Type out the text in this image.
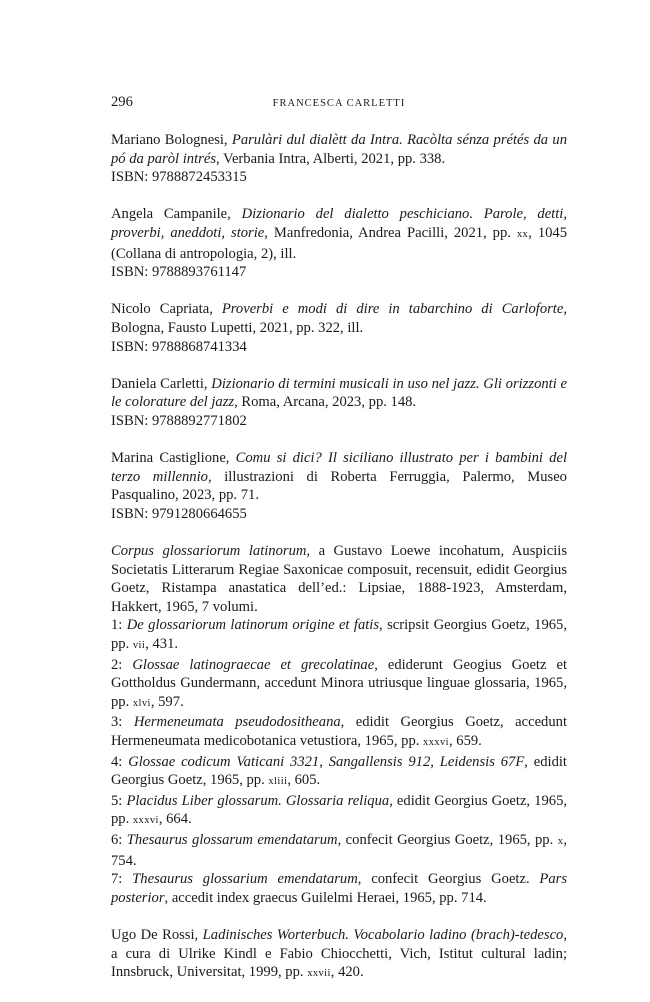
296	FRANCESCA CARLETTI
Mariano Bolognesi, Parulàri dul dialètt da Intra. Racòlta sénza prétés da un pó da paròl intrés, Verbania Intra, Alberti, 2021, pp. 338.
ISBN: 9788872453315
Angela Campanile, Dizionario del dialetto peschiciano. Parole, detti, proverbi, aneddoti, storie, Manfredonia, Andrea Pacilli, 2021, pp. xx, 1045 (Collana di antropologia, 2), ill.
ISBN: 9788893761147
Nicolo Capriata, Proverbi e modi di dire in tabarchino di Carloforte, Bologna, Fausto Lupetti, 2021, pp. 322, ill.
ISBN: 9788868741334
Daniela Carletti, Dizionario di termini musicali in uso nel jazz. Gli orizzonti e le colorature del jazz, Roma, Arcana, 2023, pp. 148.
ISBN: 9788892771802
Marina Castiglione, Comu si dici? Il siciliano illustrato per i bambini del terzo millennio, illustrazioni di Roberta Ferruggia, Palermo, Museo Pasqualino, 2023, pp. 71.
ISBN: 9791280664655
Corpus glossariorum latinorum, a Gustavo Loewe incohatum, Auspiciis Societatis Litterarum Regiae Saxonicae composuit, recensuit, edidit Georgius Goetz, Ristampa anastatica dell’ed.: Lipsiae, 1888-1923, Amsterdam, Hakkert, 1965, 7 volumi.
1: De glossariorum latinorum origine et fatis, scripsit Georgius Goetz, 1965, pp. vii, 431.
2: Glossae latinograecae et grecolatinae, ediderunt Geogius Goetz et Gottholdus Gundermann, accedunt Minora utriusque linguae glossaria, 1965, pp. xlvi, 597.
3: Hermeneumata pseudodositheana, edidit Georgius Goetz, accedunt Hermeneumata medicobotanica vetustiora, 1965, pp. xxxvi, 659.
4: Glossae codicum Vaticani 3321, Sangallensis 912, Leidensis 67F, edidit Georgius Goetz, 1965, pp. xliii, 605.
5: Placidus Liber glossarum. Glossaria reliqua, edidit Georgius Goetz, 1965, pp. xxxvi, 664.
6: Thesaurus glossarum emendatarum, confecit Georgius Goetz, 1965, pp. x, 754.
7: Thesaurus glossarium emendatarum, confecit Georgius Goetz. Pars posterior, accedit index graecus Guilelmi Heraei, 1965, pp. 714.
Ugo De Rossi, Ladinisches Worterbuch. Vocabolario ladino (brach)-tedesco, a cura di Ulrike Kindl e Fabio Chiocchetti, Vich, Istitut cultural ladin; Innsbruck, Universitat, 1999, pp. xxvii, 420.
